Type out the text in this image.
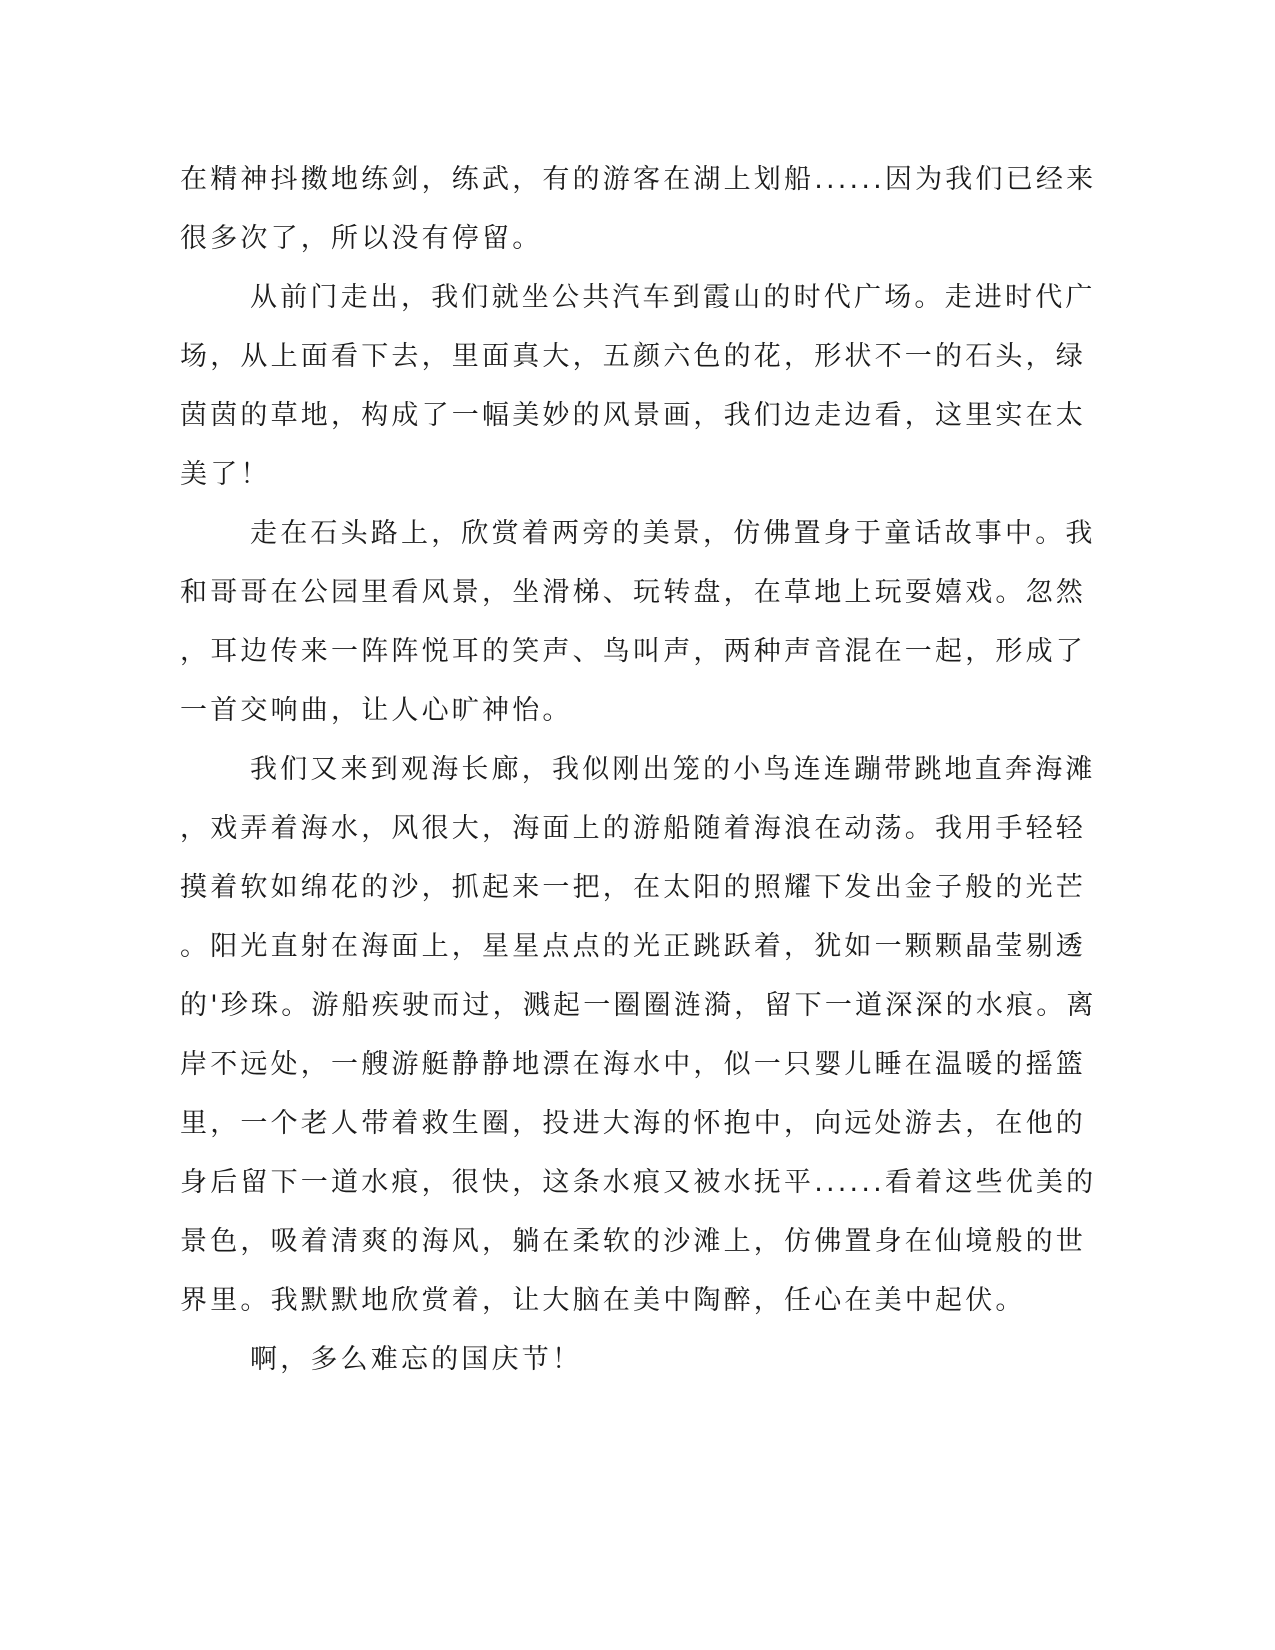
在精神抖擞地练剑，练武，有的游客在湖上划船......因为我们已经来

很多次了，所以没有停留。

从前门走出，我们就坐公共汽车到霞山的时代广场。走进时代广

场，从上面看下去，里面真大，五颜六色的花，形状不一的石头，绿

茵茵的草地，构成了一幅美妙的风景画，我们边走边看，这里实在太

美了！

走在石头路上，欣赏着两旁的美景，仿佛置身于童话故事中。我

和哥哥在公园里看风景，坐滑梯、玩转盘，在草地上玩耍嬉戏。忽然

，耳边传来一阵阵悦耳的笑声、鸟叫声，两种声音混在一起，形成了

一首交响曲，让人心旷神怡。

我们又来到观海长廊，我似刚出笼的小鸟连连蹦带跳地直奔海滩

，戏弄着海水，风很大，海面上的游船随着海浪在动荡。我用手轻轻

摸着软如绵花的沙，抓起来一把，在太阳的照耀下发出金子般的光芒

。阳光直射在海面上，星星点点的光正跳跃着，犹如一颗颗晶莹剔透

的'珍珠。游船疾驶而过，溅起一圈圈涟漪，留下一道深深的水痕。离

岸不远处，一艘游艇静静地漂在海水中，似一只婴儿睡在温暖的摇篮

里，一个老人带着救生圈，投进大海的怀抱中，向远处游去，在他的

身后留下一道水痕，很快，这条水痕又被水抚平......看着这些优美的

景色，吸着清爽的海风，躺在柔软的沙滩上，仿佛置身在仙境般的世

界里。我默默地欣赏着，让大脑在美中陶醉，任心在美中起伏。

啊，多么难忘的国庆节！
